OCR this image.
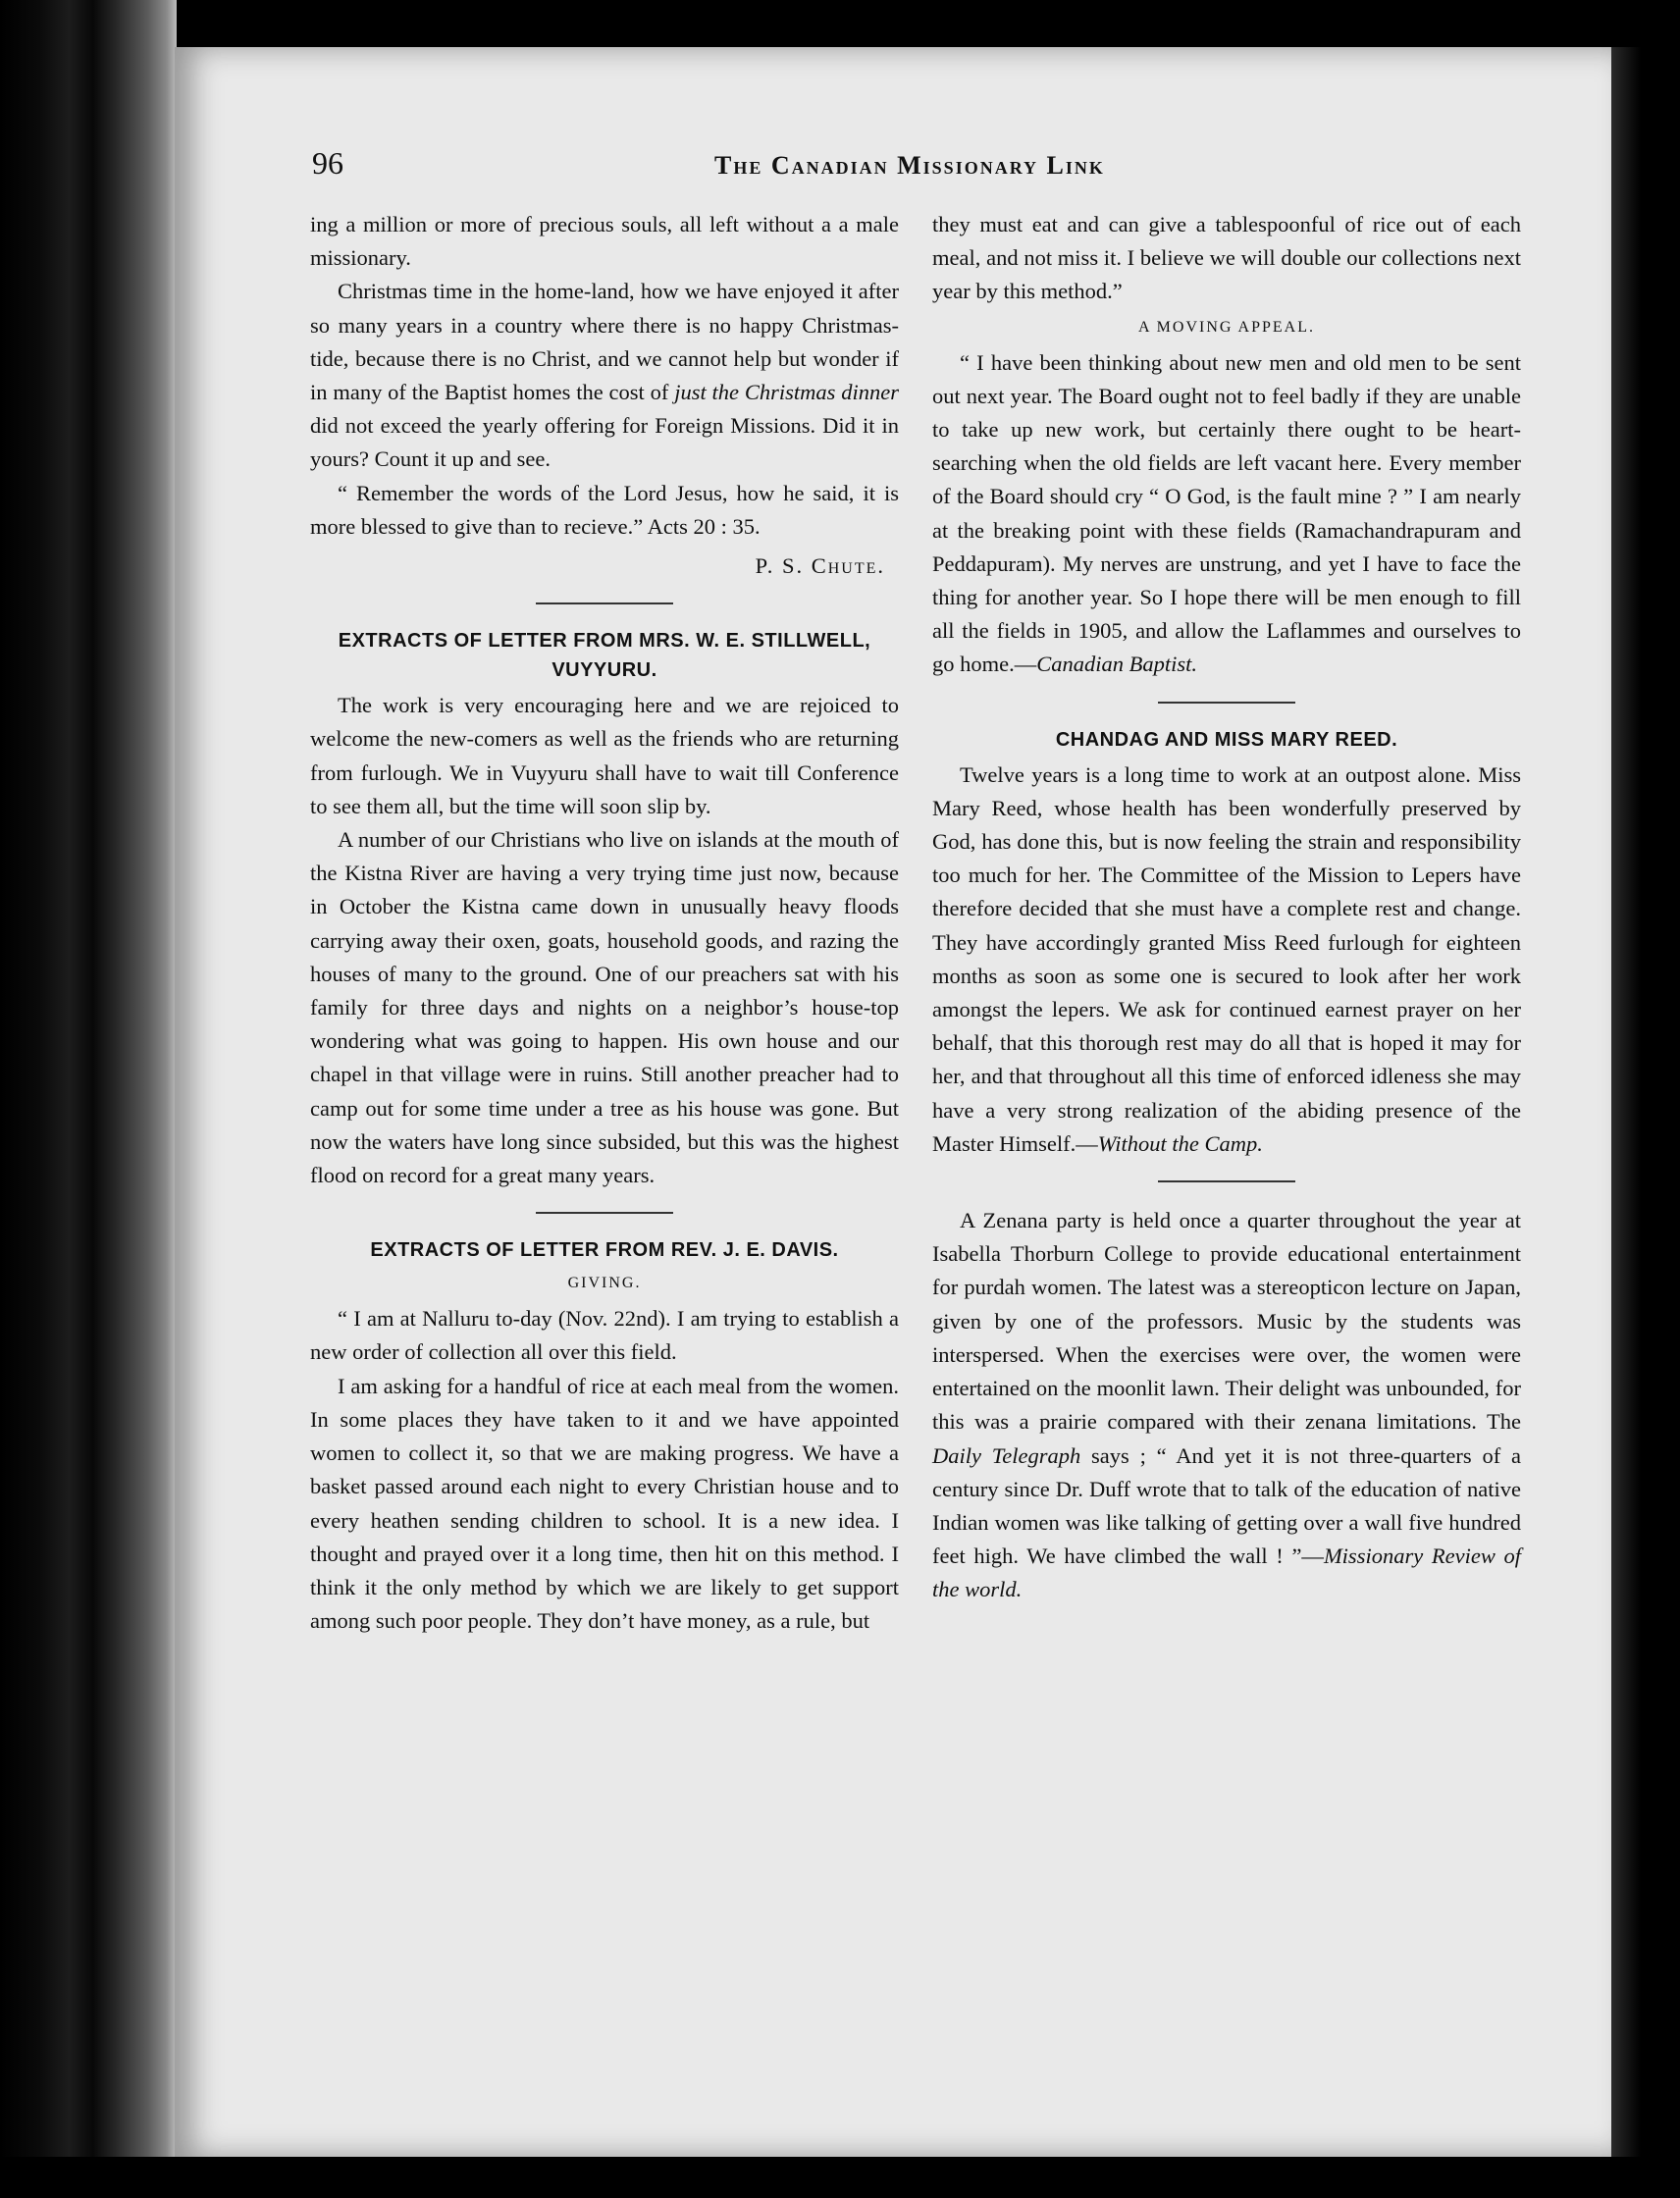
96	The Canadian Missionary Link

ing a million or more of precious souls, all left without a a male missionary.

Christmas time in the home-land, how we have enjoyed it after so many years in a country where there is no happy Christmas-tide, because there is no Christ, and we cannot help but wonder if in many of the Baptist homes the cost of just the Christmas dinner did not exceed the yearly offering for Foreign Missions. Did it in yours? Count it up and see.

“ Remember the words of the Lord Jesus, how he said, it is more blessed to give than to recieve.” Acts 20 : 35.

P. S. Chute.
EXTRACTS OF LETTER FROM MRS. W. E. STILLWELL, VUYYURU.

The work is very encouraging here and we are rejoiced to welcome the new-comers as well as the friends who are returning from furlough. We in Vuyyuru shall have to wait till Conference to see them all, but the time will soon slip by.

A number of our Christians who live on islands at the mouth of the Kistna River are having a very trying time just now, because in October the Kistna came down in unusually heavy floods carrying away their oxen, goats, household goods, and razing the houses of many to the ground. One of our preachers sat with his family for three days and nights on a neighbor’s house-top wondering what was going to happen. His own house and our chapel in that village were in ruins. Still another preacher had to camp out for some time under a tree as his house was gone. But now the waters have long since subsided, but this was the highest flood on record for a great many years.

EXTRACTS OF LETTER FROM REV. J. E. DAVIS.
GIVING.

“ I am at Nalluru to-day (Nov. 22nd). I am trying to establish a new order of collection all over this field.

I am asking for a handful of rice at each meal from the women. In some places they have taken to it and we have appointed women to collect it, so that we are making progress. We have a basket passed around each night to every Christian house and to every heathen sending children to school. It is a new idea. I thought and prayed over it a long time, then hit on this method. I think it the only method by which we are likely to get support among such poor people. They don’t have money, as a rule, but

they must eat and can give a tablespoonful of rice out of each meal, and not miss it. I believe we will double our collections next year by this method.”

A MOVING APPEAL.

“ I have been thinking about new men and old men to be sent out next year. The Board ought not to feel badly if they are unable to take up new work, but certainly there ought to be heart-searching when the old fields are left vacant here. Every member of the Board should cry “ O God, is the fault mine ? ” I am nearly at the breaking point with these fields (Ramachandrapuram and Peddapuram). My nerves are unstrung, and yet I have to face the thing for another year. So I hope there will be men enough to fill all the fields in 1905, and allow the Laflammes and ourselves to go home.—Canadian Baptist.

CHANDAG AND MISS MARY REED.

Twelve years is a long time to work at an outpost alone. Miss Mary Reed, whose health has been wonderfully preserved by God, has done this, but is now feeling the strain and responsibility too much for her. The Committee of the Mission to Lepers have therefore decided that she must have a complete rest and change. They have accordingly granted Miss Reed furlough for eighteen months as soon as some one is secured to look after her work amongst the lepers. We ask for continued earnest prayer on her behalf, that this thorough rest may do all that is hoped it may for her, and that throughout all this time of enforced idleness she may have a very strong realization of the abiding presence of the Master Himself.—Without the Camp.

A Zenana party is held once a quarter throughout the year at Isabella Thorburn College to provide educational entertainment for purdah women. The latest was a stereopticon lecture on Japan, given by one of the professors. Music by the students was interspersed. When the exercises were over, the women were entertained on the moonlit lawn. Their delight was unbounded, for this was a prairie compared with their zenana limitations. The Daily Telegraph says ; “ And yet it is not three-quarters of a century since Dr. Duff wrote that to talk of the education of native Indian women was like talking of getting over a wall five hundred feet high. We have climbed the wall ! ”—Missionary Review of the world.
